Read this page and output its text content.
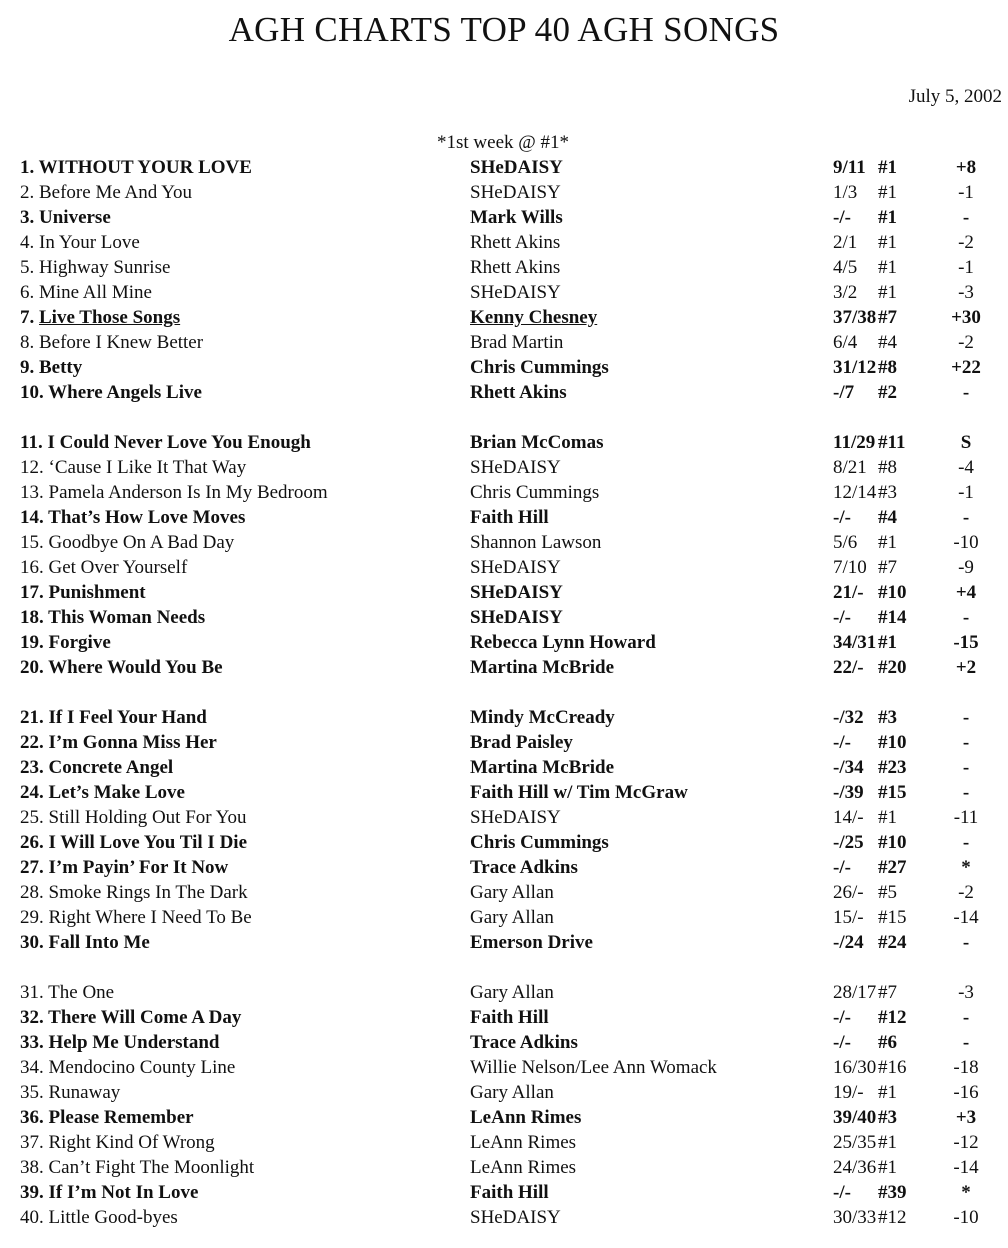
AGH CHARTS TOP 40 AGH SONGS
July 5, 2002
*1st week @ #1*
1. WITHOUT YOUR LOVE	SHeDAISY	9/11 #1	+8
2. Before Me And You	SHeDAISY	1/3	#1	-1
3. Universe	Mark Wills	-/-	#1	-
4. In Your Love	Rhett Akins	2/1	#1	-2
5. Highway Sunrise	Rhett Akins	4/5	#1	-1
6. Mine All Mine	SHeDAISY	3/2	#1	-3
7. Live Those Songs	Kenny Chesney	37/38 #7	+30
8. Before I Knew Better	Brad Martin	6/4	#4	-2
9. Betty	Chris Cummings	31/12 #8	+22
10. Where Angels Live	Rhett Akins	-/7	#2	-
11. I Could Never Love You Enough	Brian McComas	11/29 #11	S
12. ‘Cause I Like It That Way	SHeDAISY	8/21 #8	-4
13. Pamela Anderson Is In My Bedroom	Chris Cummings	12/14 #3	-1
14. That’s How Love Moves	Faith Hill	-/-	#4	-
15. Goodbye On A Bad Day	Shannon Lawson	5/6	#1	-10
16. Get Over Yourself	SHeDAISY	7/10 #7	-9
17. Punishment	SHeDAISY	21/- #10	+4
18. This Woman Needs	SHeDAISY	-/-	#14	-
19. Forgive	Rebecca Lynn Howard	34/31 #1	-15
20. Where Would You Be	Martina McBride	22/- #20	+2
21. If I Feel Your Hand	Mindy McCready	-/32 #3	-
22. I’m Gonna Miss Her	Brad Paisley	-/-	#10	-
23. Concrete Angel	Martina McBride	-/34 #23	-
24. Let’s Make Love	Faith Hill w/ Tim McGraw	-/39 #15	-
25. Still Holding Out For You	SHeDAISY	14/- #1	-11
26. I Will Love You Til I Die	Chris Cummings	-/25 #10	-
27. I’m Payin’ For It Now	Trace Adkins	-/-	#27	*
28. Smoke Rings In The Dark	Gary Allan	26/- #5	-2
29. Right Where I Need To Be	Gary Allan	15/- #15	-14
30. Fall Into Me	Emerson Drive	-/24 #24	-
31. The One	Gary Allan	28/17 #7	-3
32. There Will Come A Day	Faith Hill	-/-	#12	-
33. Help Me Understand	Trace Adkins	-/-	#6	-
34. Mendocino County Line	Willie Nelson/Lee Ann Womack	16/30 #16	-18
35. Runaway	Gary Allan	19/- #1	-16
36. Please Remember	LeAnn Rimes	39/40 #3	+3
37. Right Kind Of Wrong	LeAnn Rimes	25/35 #1	-12
38. Can’t Fight The Moonlight	LeAnn Rimes	24/36 #1	-14
39. If I’m Not In Love	Faith Hill	-/-	#39	*
40. Little Good-byes	SHeDAISY	30/33 #12	-10
